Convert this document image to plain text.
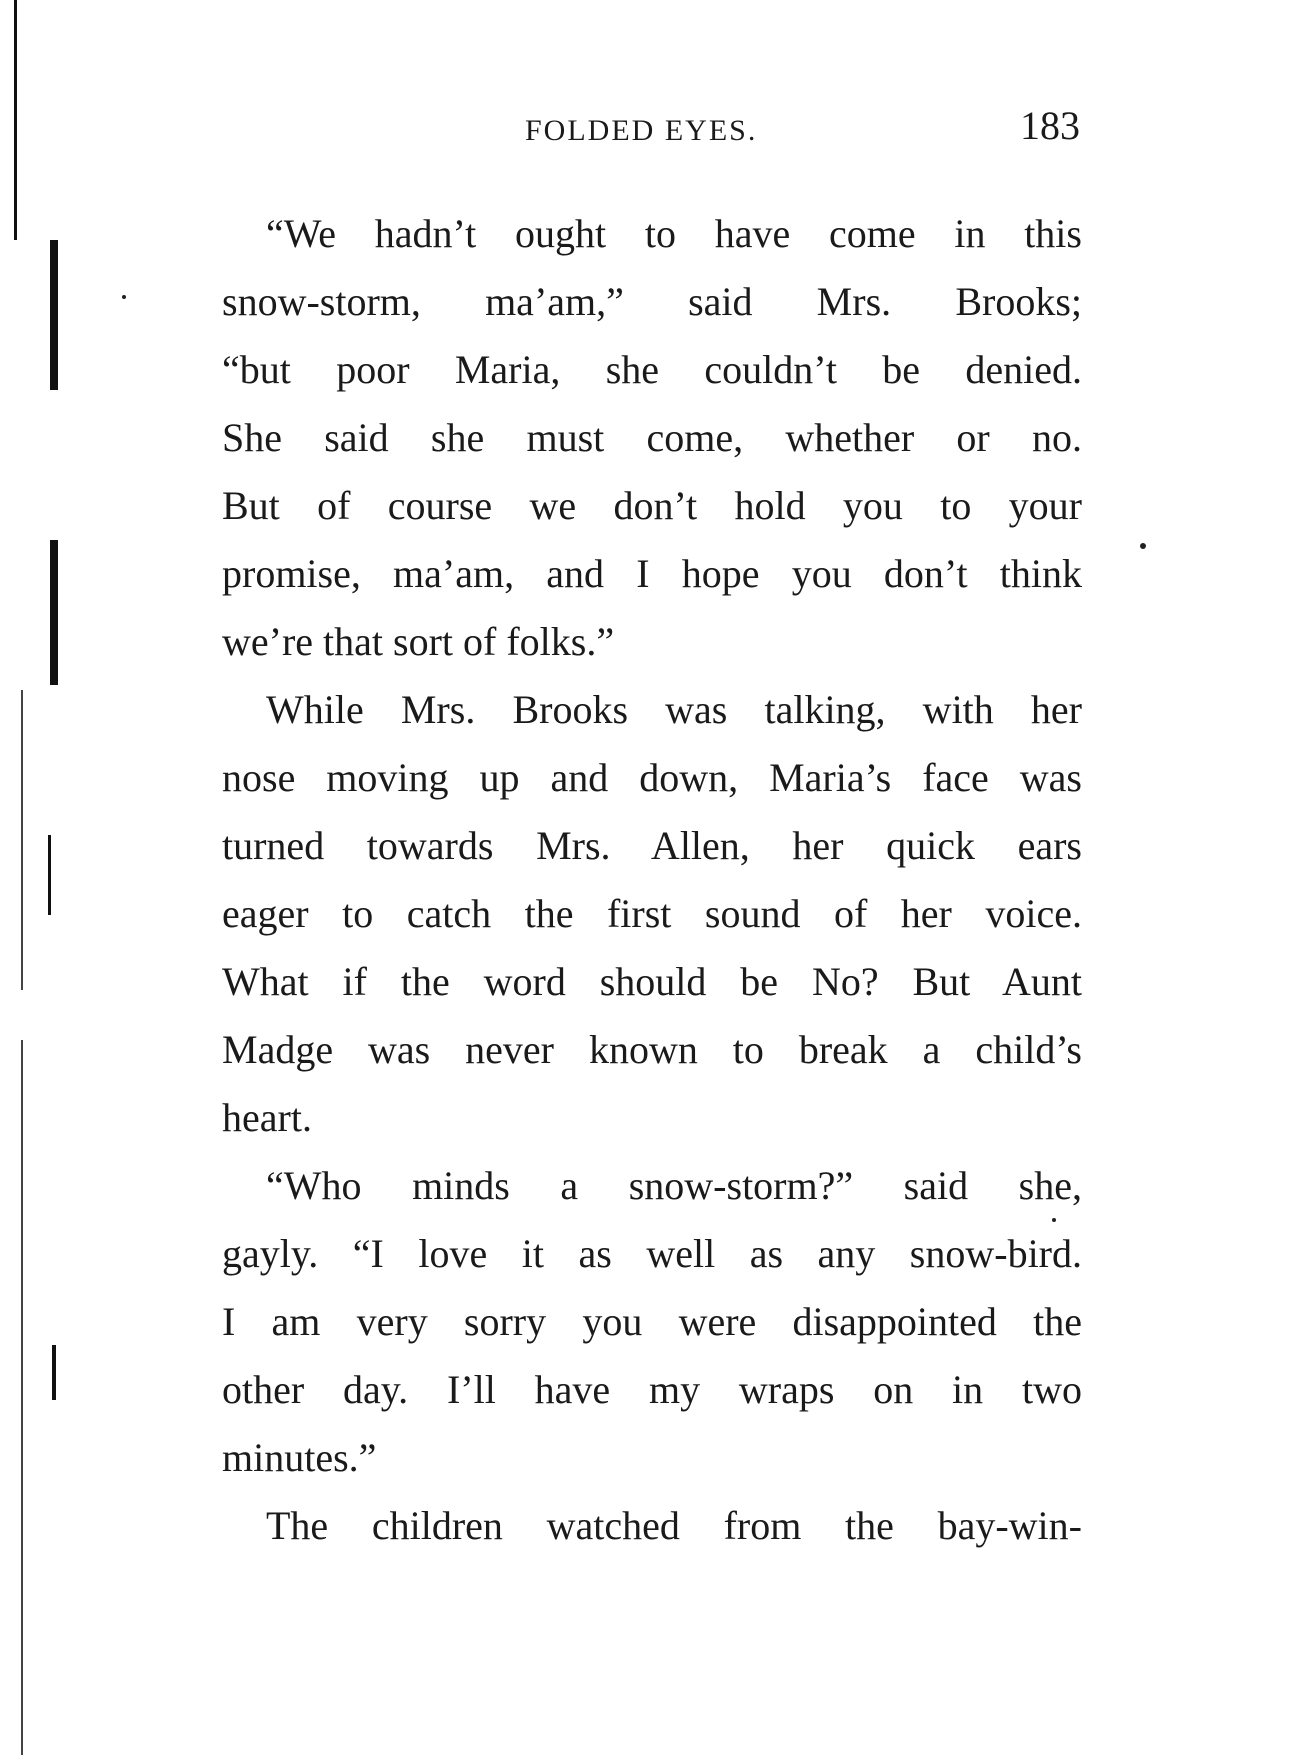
FOLDED EYES.	183
“We hadn’t ought to have come in this
snow-storm, ma’am,” said Mrs. Brooks;
“but poor Maria, she couldn’t be denied.
She said she must come, whether or no.
But of course we don’t hold you to your
promise, ma’am, and I hope you don’t think
we’re that sort of folks.”
While Mrs. Brooks was talking, with her
nose moving up and down, Maria’s face was
turned towards Mrs. Allen, her quick ears
eager to catch the first sound of her voice.
What if the word should be No? But Aunt
Madge was never known to break a child’s
heart.
“Who minds a snow-storm?” said she,
gayly. “I love it as well as any snow-bird.
I am very sorry you were disappointed the
other day. I’ll have my wraps on in two
minutes.”
The children watched from the bay-win-
